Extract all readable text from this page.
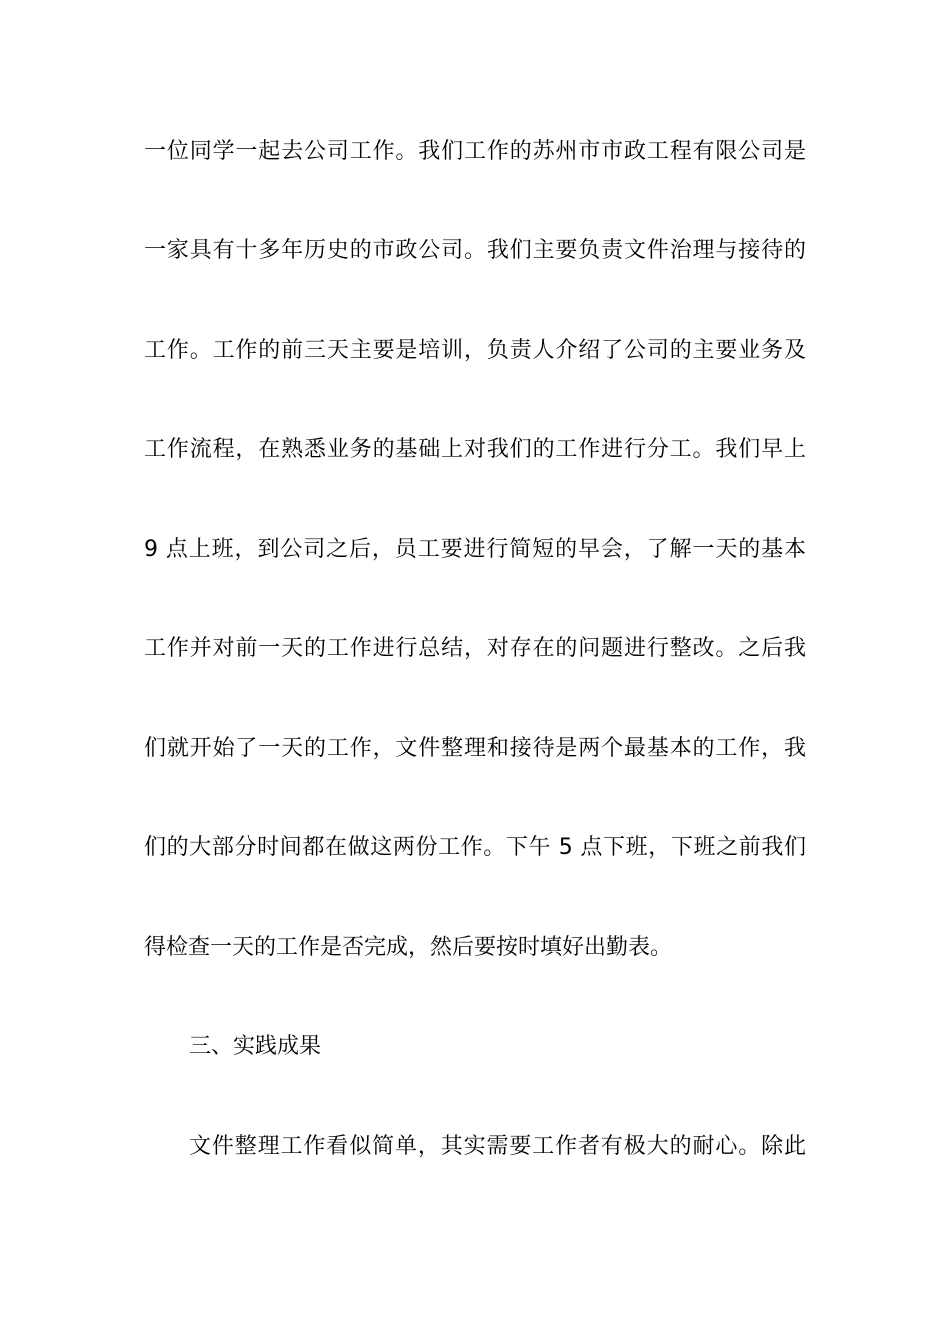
一位同学一起去公司工作。我们工作的苏州市市政工程有限公司是
一家具有十多年历史的市政公司。我们主要负责文件治理与接待的
工作。工作的前三天主要是培训，负责人介绍了公司的主要业务及
工作流程，在熟悉业务的基础上对我们的工作进行分工。我们早上
9 点上班，到公司之后，员工要进行简短的早会，了解一天的基本
工作并对前一天的工作进行总结，对存在的问题进行整改。之后我
们就开始了一天的工作，文件整理和接待是两个最基本的工作，我
们的大部分时间都在做这两份工作。下午 5 点下班，下班之前我们
得检查一天的工作是否完成，然后要按时填好出勤表。
三、实践成果
文件整理工作看似简单，其实需要工作者有极大的耐心。除此
